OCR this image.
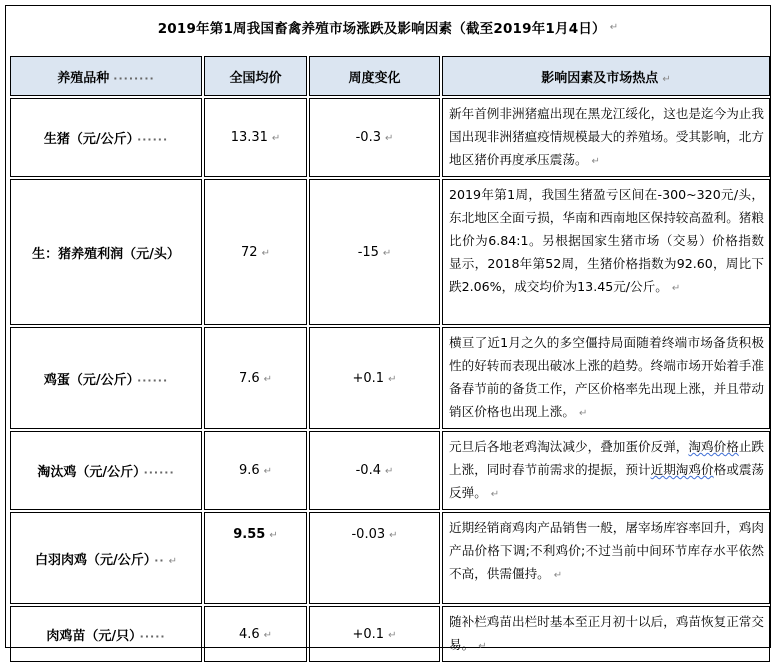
2019年第1周我国畜禽养殖市场涨跌及影响因素（截至2019年1月4日） ↵
养殖品种 ········	全国均价	周度变化	影响因素及市场热点 ↵
生猪（元/公斤） ······	13.31 ↵	-0.3 ↵	新年首例非洲猪瘟出现在黑龙江绥化，这也是迄今为止我国出现非洲猪瘟疫情规模最大的养殖场。受其影响，北方地区猪价再度承压震荡。 ↵
生：猪养殖利润（元/头）	72 ↵	-15 ↵	2019年第1周，我国生猪盈亏区间在-300~320元/头，东北地区全面亏损，华南和西南地区保持较高盈利。猪粮比价为6.84:1。另根据国家生猪市场（交易）价格指数显示，2018年第52周，生猪价格指数为92.60，周比下跌2.06%，成交均价为13.45元/公斤。 ↵
鸡蛋（元/公斤） ······	7.6 ↵	+0.1 ↵	横亘了近1月之久的多空僵持局面随着终端市场备货积极性的好转而表现出破冰上涨的趋势。终端市场开始着手准备春节前的备货工作，产区价格率先出现上涨，并且带动销区价格也出现上涨。 ↵
淘汰鸡（元/公斤） ······	9.6 ↵	-0.4 ↵	元旦后各地老鸡淘汰减少，叠加蛋价反弹，淘鸡价格止跌上涨，同时春节前需求的提振，预计近期淘鸡价格或震荡反弹。 ↵
白羽肉鸡（元/公斤） ·· ↵	9.55 ↵	-0.03 ↵	近期经销商鸡肉产品销售一般，屠宰场库容率回升，鸡肉产品价格下调;不利鸡价;不过当前中间环节库存水平依然不高，供需僵持。 ↵
肉鸡苗（元/只） ·····	4.6 ↵	+0.1 ↵	随补栏鸡苗出栏时基本至正月初十以后，鸡苗恢复正常交易。 ↵
